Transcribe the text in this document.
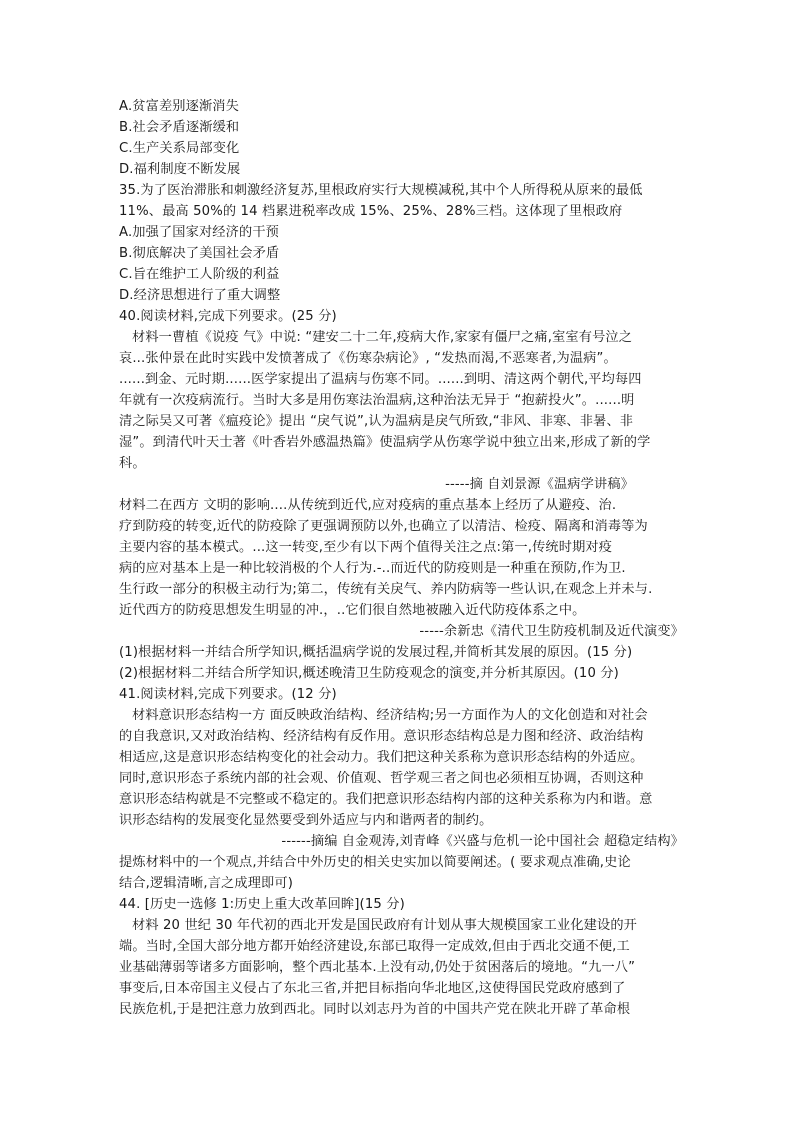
A.贫富差别逐渐消失
B.社会矛盾逐渐缓和
C.生产关系局部变化
D.福利制度不断发展
35.为了医治滞胀和刺激经济复苏,里根政府实行大规模减税,其中个人所得税从原来的最低
11%、最高 50%的 14 档累进税率改成 15%、25%、28%三档。这体现了里根政府
A.加强了国家对经济的干预
B.彻底解决了美国社会矛盾
C.旨在维护工人阶级的利益
D.经济思想进行了重大调整
40.阅读材料,完成下列要求。(25 分)
材料一曹植《说疫 气》中说: “建安二十二年,疫病大作,家家有僵尸之痛,室室有号泣之
哀...张仲景在此时实践中发愤著成了《伤寒杂病论》, “发热而渴,不恶寒者,为温病”。
......到金、元时期......医学家提出了温病与伤寒不同。......到明、清这两个朝代,平均每四
年就有一次疫病流行。当时大多是用伤寒法治温病,这种治法无异于 “抱薪投火”。......明
清之际吴又可著《瘟疫论》提出 “戾气说”,认为温病是戾气所致,“非风、非寒、非暑、非
湿”。到清代叶天士著《叶香岩外感温热篇》使温病学从伤寒学说中独立出来,形成了新的学
科。
-----摘 自刘景源《温病学讲稿》
材料二在西方 文明的影响....从传统到近代,应对疫病的重点基本上经历了从避疫、治.
疗到防疫的转变,近代的防疫除了更强调预防以外,也确立了以清洁、检疫、隔离和消毒等为
主要内容的基本模式。...这一转变,至少有以下两个值得关注之点:第一,传统时期对疫
病的应对基本上是一种比较消极的个人行为.-..而近代的防疫则是一种重在预防,作为卫.
生行政一部分的积极主动行为;第二，传统有关戾气、养内防病等一些认识,在观念上并未与.
近代西方的防疫思想发生明显的冲.，..它们很自然地被融入近代防疫体系之中。
-----余新忠《清代卫生防疫机制及近代演变》
(1)根据材料一并结合所学知识,概括温病学说的发展过程,并简析其发展的原因。(15 分)
(2)根据材料二并结合所学知识,概述晚清卫生防疫观念的演变,并分析其原因。(10 分)
41.阅读材料,完成下列要求。(12 分)
材料意识形态结构一方 面反映政治结构、经济结构;另一方面作为人的文化创造和对社会
的自我意识,又对政治结构、经济结构有反作用。意识形态结构总是力图和经济、政治结构
相适应,这是意识形态结构变化的社会动力。我们把这种关系称为意识形态结构的外适应。
同时,意识形态子系统内部的社会观、价值观、哲学观三者之间也必须相互协调，否则这种
意识形态结构就是不完整或不稳定的。我们把意识形态结构内部的这种关系称为内和谐。意
识形态结构的发展变化显然要受到外适应与内和谐两者的制约。
------摘编 自金观涛,刘青峰《兴盛与危机一论中国社会 超稳定结构》
提炼材料中的一个观点,并结合中外历史的相关史实加以简要阐述。( 要求观点准确,史论
结合,逻辑清晰,言之成理即可)
44. [历史一选修 1:历史上重大改革回眸](15 分)
材料 20 世纪 30 年代初的西北开发是国民政府有计划从事大规模国家工业化建设的开
端。当时,全国大部分地方都开始经济建设,东部已取得一定成效,但由于西北交通不便,工
业基础薄弱等诸多方面影响，整个西北基本.上没有动,仍处于贫困落后的境地。“九一八”
事变后,日本帝国主义侵占了东北三省,并把目标指向华北地区,这使得国民党政府感到了
民族危机,于是把注意力放到西北。同时以刘志丹为首的中国共产党在陕北开辟了革命根
